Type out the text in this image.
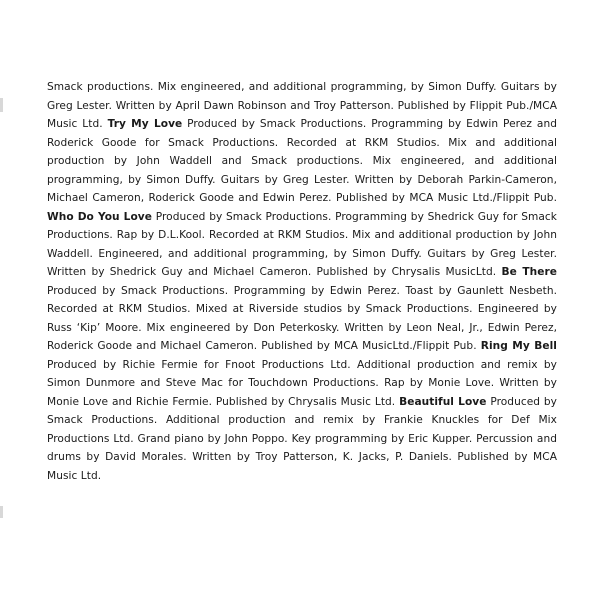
Smack productions. Mix engineered, and additional programming, by Simon Duffy. Guitars by Greg Lester. Written by April Dawn Robinson and Troy Patterson. Published by Flippit Pub./MCA Music Ltd. Try My Love Produced by Smack Productions. Programming by Edwin Perez and Roderick Goode for Smack Productions. Recorded at RKM Studios. Mix and additional production by John Waddell and Smack productions. Mix engineered, and additional programming, by Simon Duffy. Guitars by Greg Lester. Written by Deborah Parkin-Cameron, Michael Cameron, Roderick Goode and Edwin Perez. Published by MCA Music Ltd./Flippit Pub. Who Do You Love Produced by Smack Productions. Programming by Shedrick Guy for Smack Productions. Rap by D.L.Kool. Recorded at RKM Studios. Mix and additional production by John Waddell. Engineered, and additional programming, by Simon Duffy. Guitars by Greg Lester. Written by Shedrick Guy and Michael Cameron. Published by Chrysalis MusicLtd. Be There Produced by Smack Productions. Programming by Edwin Perez. Toast by Gaunlett Nesbeth. Recorded at RKM Studios. Mixed at Riverside studios by Smack Productions. Engineered by Russ ‘Kip’ Moore. Mix engineered by Don Peterkosky. Written by Leon Neal, Jr., Edwin Perez, Roderick Goode and Michael Cameron. Published by MCA MusicLtd./Flippit Pub. Ring My Bell Produced by Richie Fermie for Fnoot Productions Ltd. Additional production and remix by Simon Dunmore and Steve Mac for Touchdown Productions. Rap by Monie Love. Written by Monie Love and Richie Fermie. Published by Chrysalis Music Ltd. Beautiful Love Produced by Smack Productions. Additional production and remix by Frankie Knuckles for Def Mix Productions Ltd. Grand piano by John Poppo. Key programming by Eric Kupper. Percussion and drums by David Morales. Written by Troy Patterson, K. Jacks, P. Daniels. Published by MCA Music Ltd.
